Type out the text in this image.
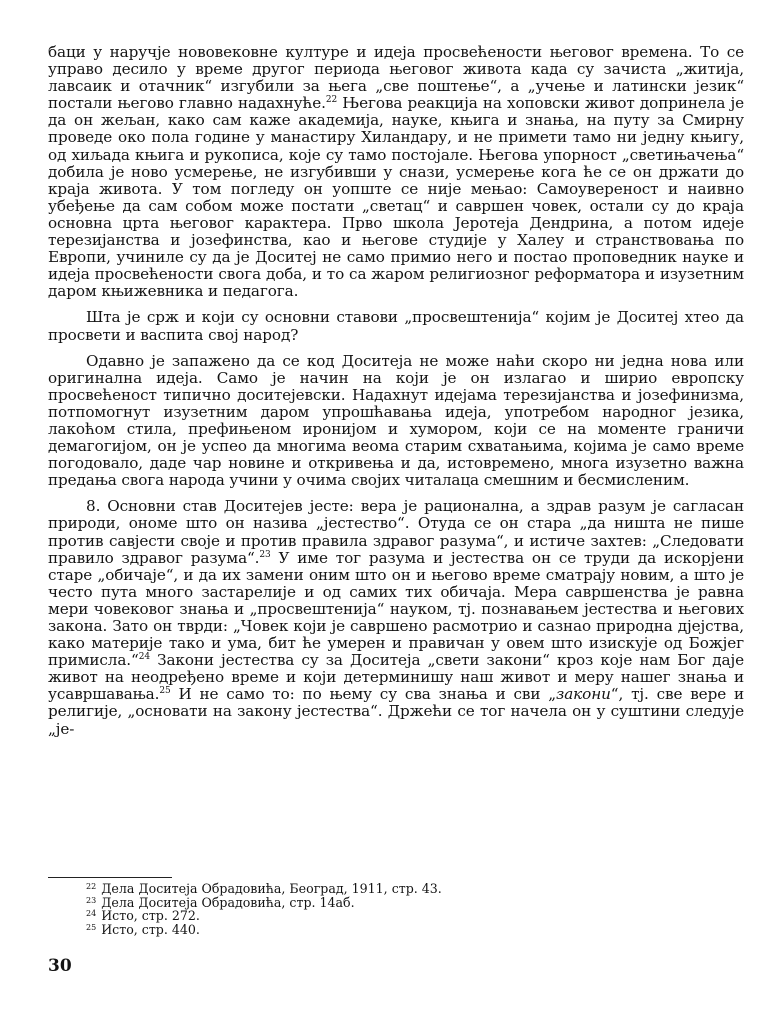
баци у наручје нововековне културе и идеја просвећености његовог времена. То се управо десило у време другог периода његовог живота када су зачиста „житија, лавсаик и отачник“ изгубили за њега „све поштење“, а „учење и латински језик“ постали његово главно надахнуће.$^{22}$ Његова реакција на хоповски живот допринела је да он жељан, како сам каже академија, науке, књига и знања, на путу за Смирну проведе око пола године у манастиру Хиландару, и не примети тамо ни једну књигу, од хиљада књига и рукописа, које су тамо постојале. Његова упорност „светињачења“ добила је ново усмерење, не изгубивши у снази, усмерење кога ће се он држати до краја живота. У том погледу он уопште се није мењао: Самоувереност и наивно убеђење да сам собом може постати „светац“ и савршен човек, остали су до краја основна црта његовог карактера. Прво школа Јеротеја Дендрина, а потом идеје терезијанства и јозефинства, као и његове студије у Халеу и странствовања по Европи, учиниле су да је Доситеј не само примио него и постао проповедник науке и идеја просвећености свога доба, и то са жаром религиозног реформатора и изузетним даром књижевника и педагога.

Шта је срж и који су основни ставови „просвештенија“ којим је Доситеј хтео да просвети и васпита свој народ?

Одавно је запажено да се код Доситеја не може наћи скоро ни једна нова или оригинална идеја. Само је начин на који је он излагао и ширио европску просвећеност типично доситејевски. Надахнут идејама терезијанства и јозефинизма, потпомогнут изузетним даром упрошћавања идеја, употребом народног језика, лакоћом стила, префињеном иронијом и хумором, који се на моменте граничи демагогијом, он је успео да многима веома старим схватањима, којима је само време погодовало, даде чар новине и откривења и да, истовремено, многа изузетно важна предања свога народа учини у очима својих читалаца смешним и бесмисленим.

8. Основни став Доситејев јесте: вера је рационална, а здрав разум је сагласан природи, ономе што он назива „јестество“. Отуда се он стара „да ништа не пише против савјести своје и против правила здравог разума“, и истиче захтев: „Следовати правило здравог разума“.$^{23}$ У име тог разума и јестества он се труди да искорјени старе „обичаје“, и да их замени оним што он и његово време сматрају новим, а што је често пута много застарелије и од самих тих обичаја. Мера савршенства је равна мери човековог знања и „просвештенија“ науком, тј. познавањем јестества и његових закона. Зато он тврди: „Човек који је савршено расмотрио и сазнао природна дјејства, како материје тако и ума, бит ће умерен и правичан у овем што изискује од Божјег примисла.“$^{24}$ Закони јестества су за Доситеја „свети закони“ кроз које нам Бог даје живот на неодређено време и који детерминишу наш живот и меру нашег знања и усавршавања.$^{25}$ И не само то: по њему су сва знања и сви „закони“, тј. све вере и религије, „основати на закону јестества“. Држећи се тог начела он у суштини следује „је-

$^{22}$ Дела Доситеја Обрадовића, Београд, 1911, стр. 43.
$^{23}$ Дела Доситеја Обрадовића, стр. 14аб.
$^{24}$ Исто, стр. 272.
$^{25}$ Исто, стр. 440.
30
